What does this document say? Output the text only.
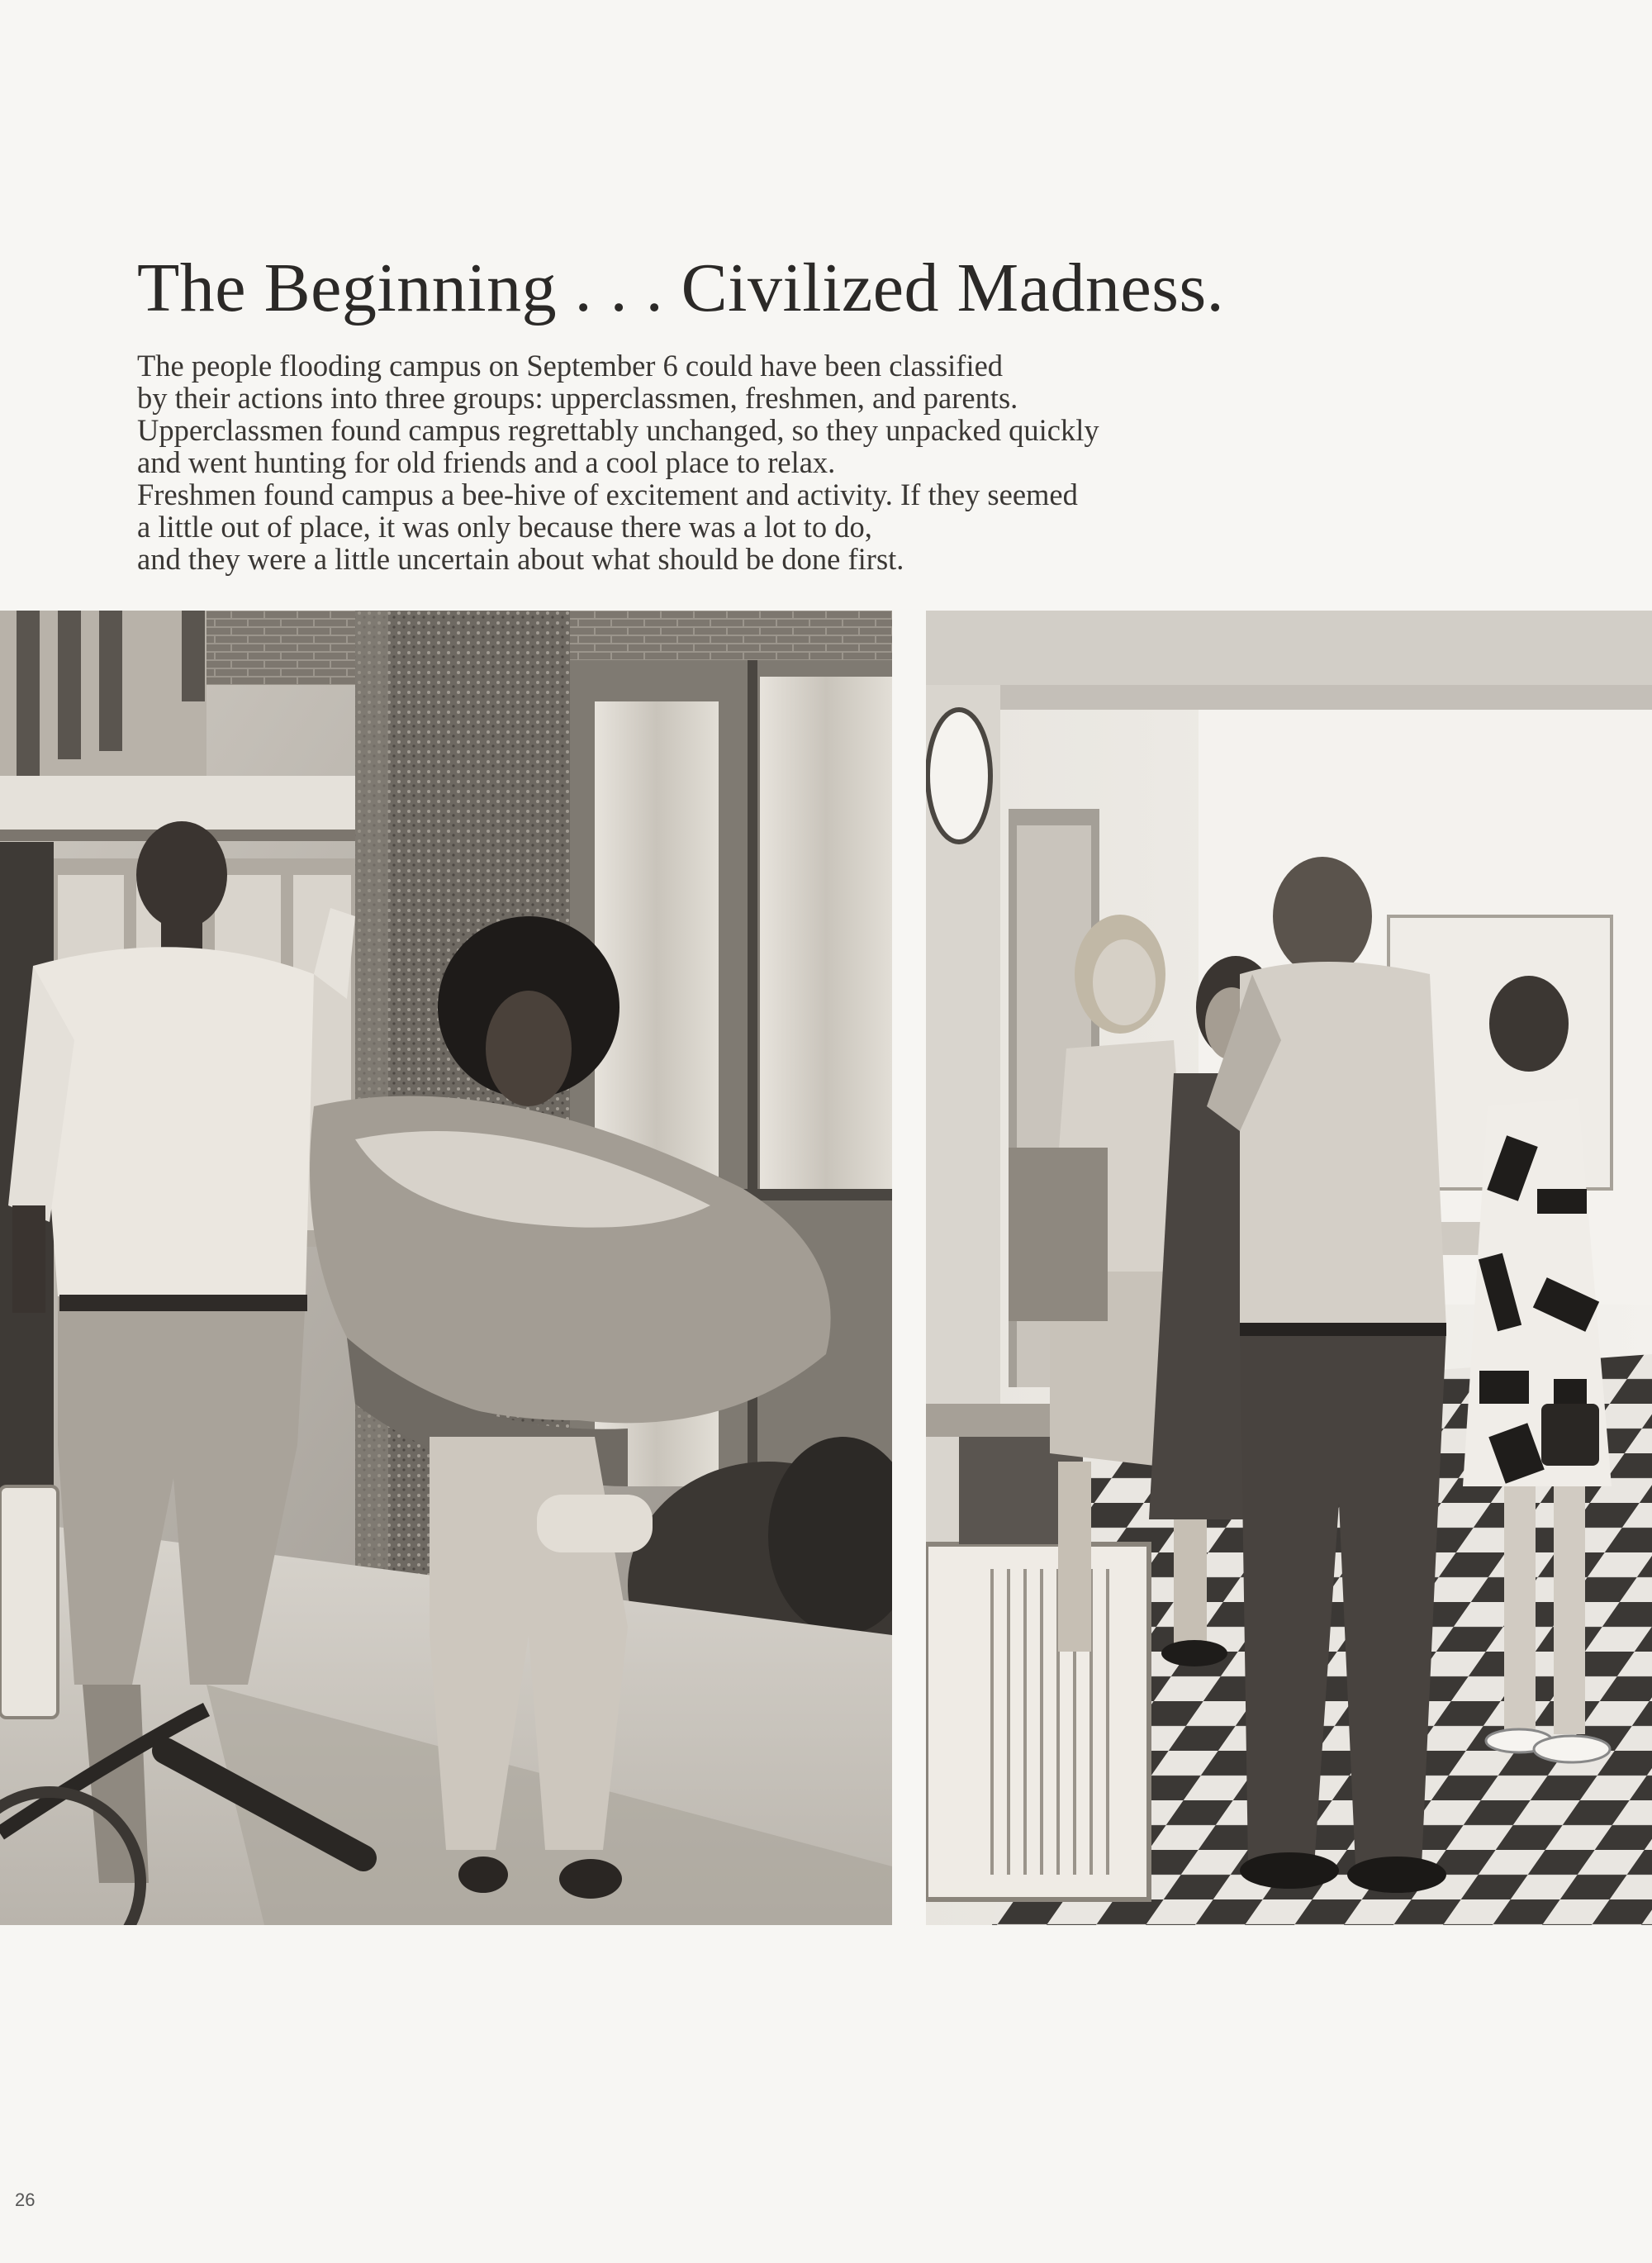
The Beginning . . . Civilized Madness.
The people flooding campus on September 6 could have been classified
by their actions into three groups: upperclassmen, freshmen, and parents.
Upperclassmen found campus regrettably unchanged, so they unpacked quickly
and went hunting for old friends and a cool place to relax.
Freshmen found campus a bee-hive of excitement and activity. If they seemed
a little out of place, it was only because there was a lot to do,
and they were a little uncertain about what should be done first.
26
